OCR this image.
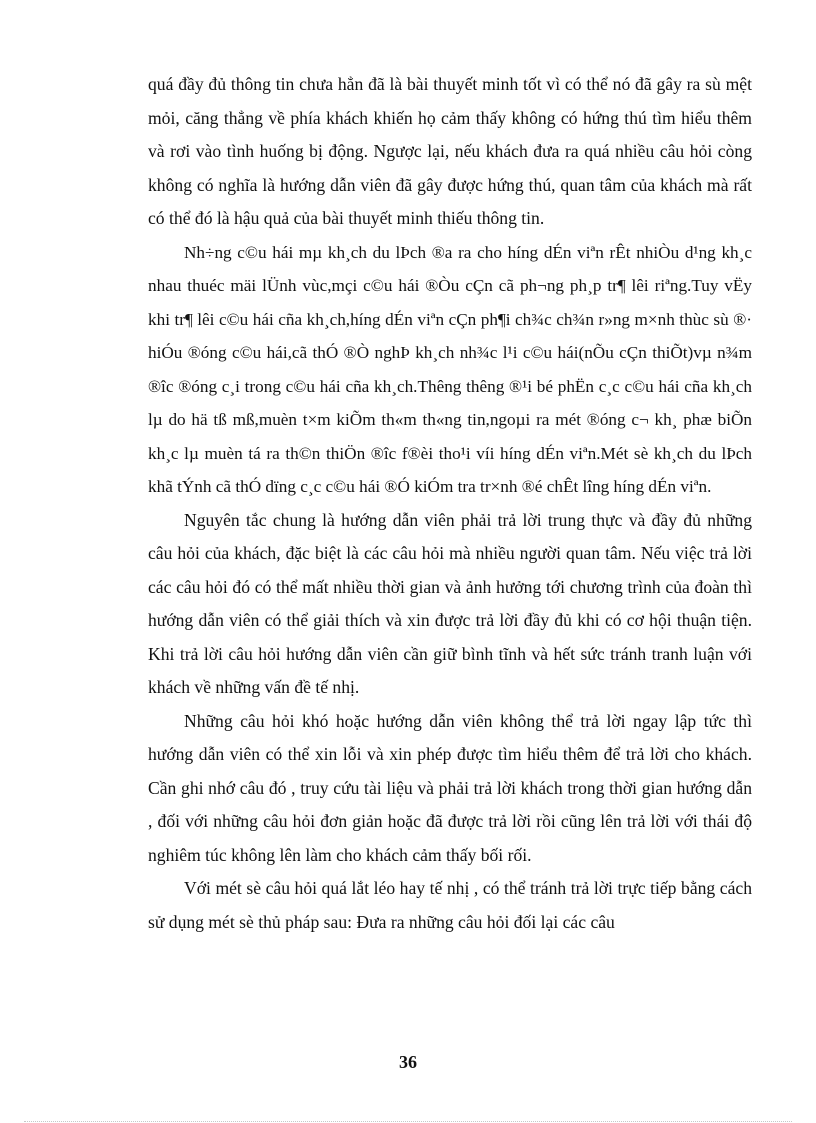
quá đầy đủ thông tin chưa hẳn đã là bài thuyết minh tốt vì có thể nó đã gây ra sù mệt mỏi, căng thẳng về phía khách khiến họ cảm thấy không có hứng thú tìm hiểu thêm và rơi vào tình huống bị động. Ngược lại, nếu khách đưa ra quá nhiều câu hỏi còng không có nghĩa là hướng dẫn viên đã gây được hứng thú, quan tâm của khách mà rất có thể đó là hậu quả của bài thuyết minh thiếu thông tin.

Nh÷ng c©u hái mµ kh¸ch du lÞch ®a ra cho híng dÉn viªn rÊt nhiÒu d¹ng kh¸c nhau thuéc mäi lÜnh vùc,mçi c©u hái ®Òu cÇn cã ph¬ng ph¸p tr¶ lêi riªng.Tuy vËy khi tr¶ lêi c©u hái cña kh¸ch,híng dÉn viªn cÇn ph¶i ch¾c ch¾n r»ng m×nh thùc sù ®· hiÓu ®óng c©u hái,cã thÓ ®Ò nghÞ kh¸ch nh¾c l¹i c©u hái(nÕu cÇn thiÕt)vµ n¾m ®îc ®óng c¸i trong c©u hái cña kh¸ch.Thêng thêng ®¹i bé phËn c¸c c©u hái cña kh¸ch lµ do hä tß mß,muèn t×m kiÕm th«m th«ng tin,ngoµi ra mét ®óng c¬ kh¸ phæ biÕn kh¸c lµ muèn tá ra th©n thiÖn ®îc f®èi tho¹i víi híng dÉn viªn.Mét sè kh¸ch du lÞch khã tÝnh cã thÓ dïng c¸c c©u hái ®Ó kiÓm tra tr×nh ®é chÊt lîng híng dÉn viªn.

Nguyên tắc chung là hướng dẫn viên phải trả lời trung thực và đầy đủ những câu hỏi của khách, đặc biệt là các câu hỏi mà nhiều người quan tâm. Nếu việc trả lời các câu hỏi đó có thể mất nhiều thời gian và ảnh hưởng tới chương trình của đoàn thì hướng dẫn viên có thể giải thích và xin được trả lời đầy đủ khi có cơ hội thuận tiện. Khi trả lời câu hỏi hướng dẫn viên cần giữ bình tĩnh và hết sức tránh tranh luận với khách về những vấn đề tế nhị.

Những câu hỏi khó hoặc hướng dẫn viên không thể trả lời ngay lập tức thì hướng dẫn viên có thể xin lỗi và xin phép được tìm hiểu thêm để trả lời cho khách. Cần ghi nhớ câu đó , truy cứu tài liệu và phải trả lời khách trong thời gian hướng dẫn , đối với những câu hỏi đơn giản hoặc đã được trả lời rồi cũng lên trả lời với thái độ nghiêm túc không lên làm cho khách cảm thấy bối rối.

Với mét sè câu hỏi quá lắt léo hay tế nhị , có thể tránh trả lời trực tiếp bằng cách sử dụng mét sè thủ pháp sau: Đưa ra những câu hỏi đối lại các câu

36
